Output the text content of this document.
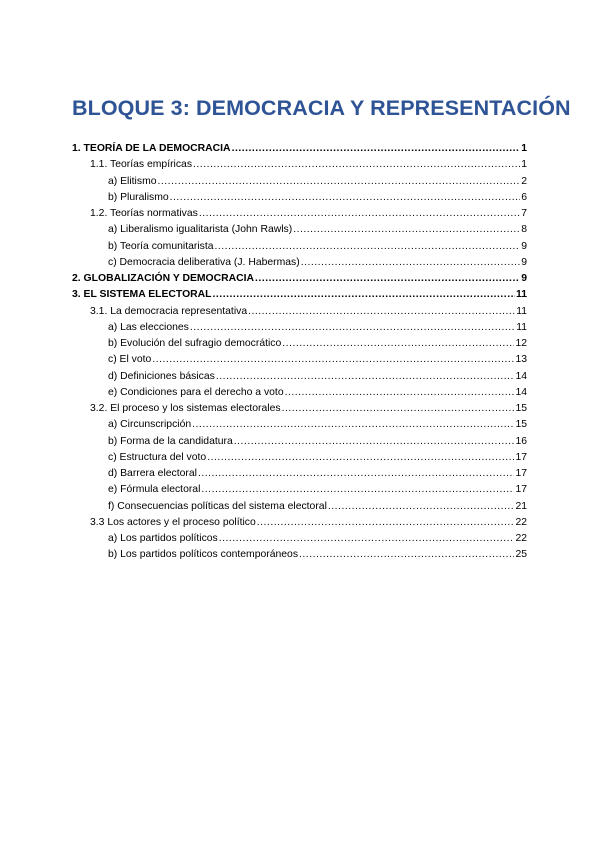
BLOQUE 3: DEMOCRACIA Y REPRESENTACIÓN
1. TEORÍA DE LA DEMOCRACIA .....	1
1.1. Teorías empíricas .....	1
a) Elitismo .....	2
b) Pluralismo .....	6
1.2. Teorías normativas .....	7
a) Liberalismo igualitarista (John Rawls) .....	8
b) Teoría comunitarista .....	9
c) Democracia deliberativa (J. Habermas) .....	9
2. GLOBALIZACIÓN Y DEMOCRACIA .....	9
3. EL SISTEMA ELECTORAL .....	11
3.1. La democracia representativa .....	11
a) Las elecciones .....	11
b) Evolución del sufragio democrático .....	12
c) El voto .....	13
d) Definiciones básicas .....	14
e) Condiciones para el derecho a voto .....	14
3.2. El proceso y los sistemas electorales .....	15
a) Circunscripción .....	15
b) Forma de la candidatura .....	16
c) Estructura del voto .....	17
d) Barrera electoral .....	17
e) Fórmula electoral .....	17
f) Consecuencias políticas del sistema electoral .....	21
3.3 Los actores y el proceso político .....	22
a) Los partidos políticos .....	22
b) Los partidos políticos contemporáneos .....	25
